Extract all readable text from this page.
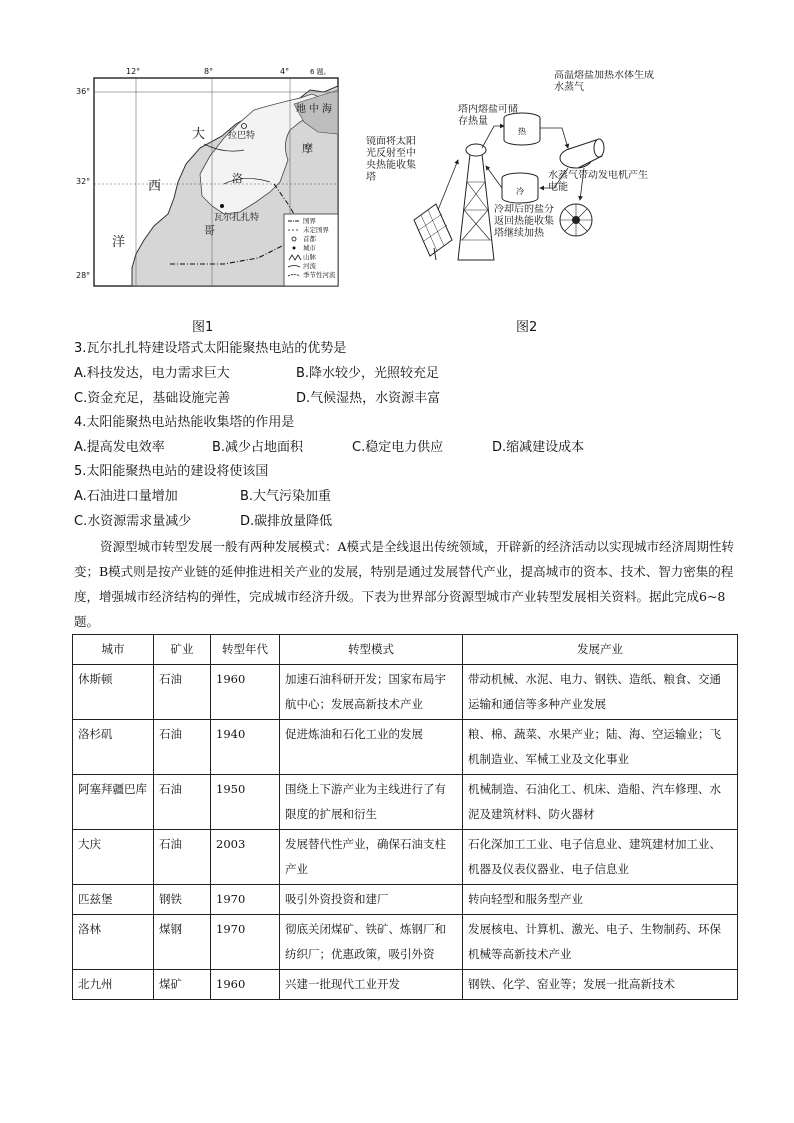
国界
未定国界
首都
城市
山脉
河流
季节性河流
12°	8°	4°	6 题。
36°
32°
28°
地 中 海
大
西
洋
拉巴特
摩
洛
哥
瓦尔扎扎特
图1
热
冷
镜面将太阳光反射至中央热能收集塔
塔内熔盐可储存热量
高温熔盐加热水体生成水蒸气
冷却后的盐分返回热能收集塔继续加热
水蒸气带动发电机产生电能
图2
3.瓦尔扎扎特建设塔式太阳能聚热电站的优势是
A.科技发达，电力需求巨大	B.降水较少，光照较充足
C.资金充足，基础设施完善	D.气候湿热，水资源丰富
4.太阳能聚热电站热能收集塔的作用是
A.提高发电效率	B.减少占地面积	C.稳定电力供应	D.缩减建设成本
5.太阳能聚热电站的建设将使该国
A.石油进口量增加	B.大气污染加重
C.水资源需求量减少	D.碳排放量降低
资源型城市转型发展一般有两种发展模式：A模式是全线退出传统领域，开辟新的经济活动以实现城市经济周期性转变；B模式则是按产业链的延伸推进相关产业的发展，特别是通过发展替代产业，提高城市的资本、技术、智力密集的程度，增强城市经济结构的弹性，完成城市经济升级。下表为世界部分资源型城市产业转型发展相关资料。据此完成6~8题。
城市	矿业	转型年代	转型模式	发展产业
休斯顿	石油	1960	加速石油科研开发；国家布局宇航中心；发展高新技术产业	带动机械、水泥、电力、钢铁、造纸、粮食、交通运输和通信等多种产业发展
洛杉矶	石油	1940	促进炼油和石化工业的发展	粮、棉、蔬菜、水果产业；陆、海、空运输业；飞机制造业、军械工业及文化事业
阿塞拜疆巴库	石油	1950	围绕上下游产业为主线进行了有限度的扩展和衍生	机械制造、石油化工、机床、造船、汽车修理、水泥及建筑材料、防火器材
大庆	石油	2003	发展替代性产业，确保石油支柱产业	石化深加工工业、电子信息业、建筑建材加工业、机器及仪表仪器业、电子信息业
匹兹堡	钢铁	1970	吸引外资投资和建厂	转向轻型和服务型产业
洛林	煤钢	1970	彻底关闭煤矿、铁矿、炼钢厂和纺织厂；优惠政策，吸引外资	发展核电、计算机、激光、电子、生物制药、环保机械等高新技术产业
北九州	煤矿	1960	兴建一批现代工业开发	钢铁、化学、窑业等；发展一批高新技术
